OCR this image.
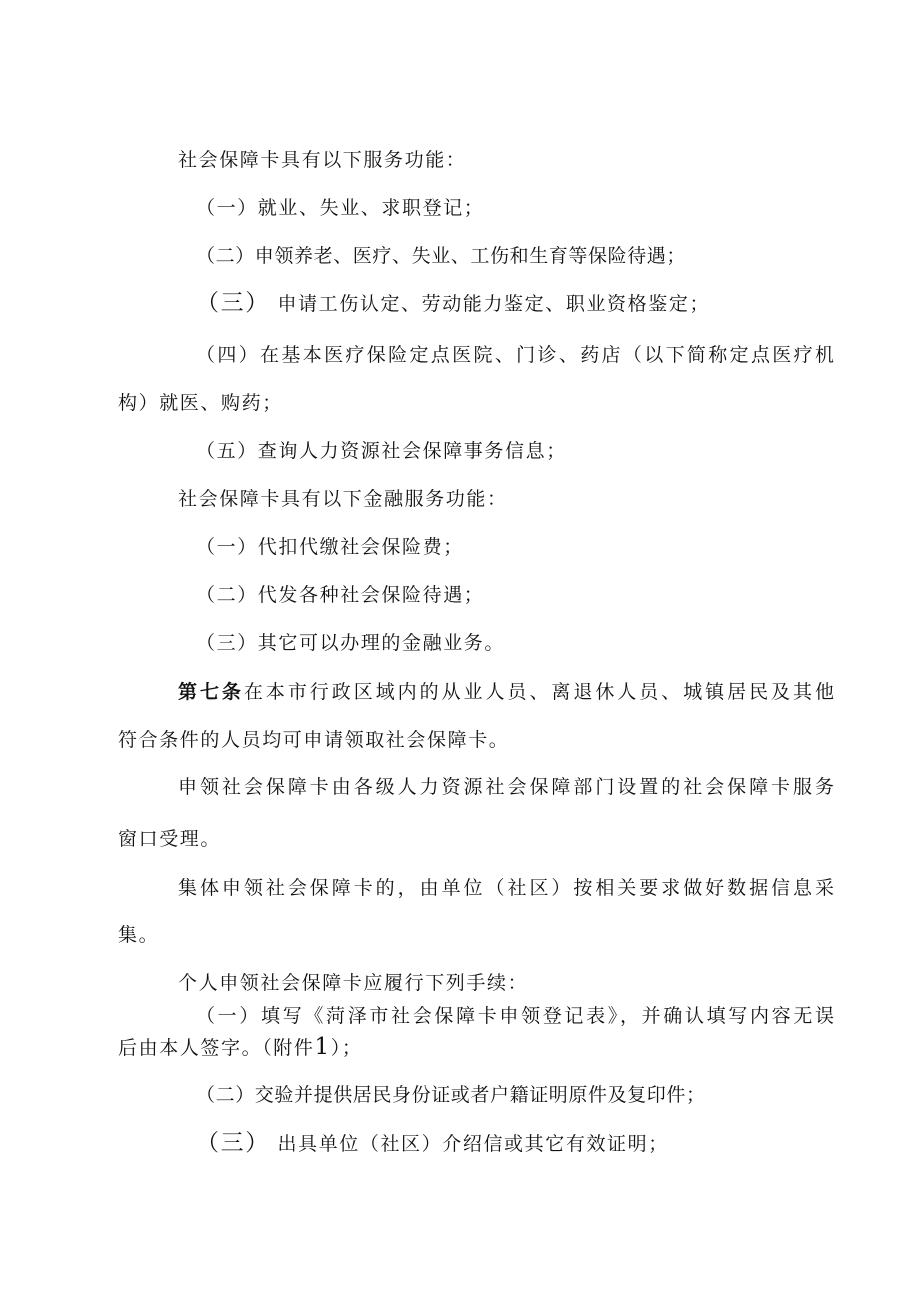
社会保障卡具有以下服务功能：
（一）就业、失业、求职登记；
（二）申领养老、医疗、失业、工伤和生育等保险待遇；
（三） 申请工伤认定、劳动能力鉴定、职业资格鉴定；
（四）在基本医疗保险定点医院、门诊、药店（以下简称定点医疗机
构）就医、购药；
（五）查询人力资源社会保障事务信息；
社会保障卡具有以下金融服务功能：
（一）代扣代缴社会保险费；
（二）代发各种社会保险待遇；
（三）其它可以办理的金融业务。
第七条在本市行政区域内的从业人员、离退休人员、城镇居民及其他
符合条件的人员均可申请领取社会保障卡。
申领社会保障卡由各级人力资源社会保障部门设置的社会保障卡服务
窗口受理。
集体申领社会保障卡的，由单位（社区）按相关要求做好数据信息采
集。
个人申领社会保障卡应履行下列手续：
（一）填写《菏泽市社会保障卡申领登记表》，并确认填写内容无误
后由本人签字。（附件1）；
（二）交验并提供居民身份证或者户籍证明原件及复印件；
（三） 出具单位（社区）介绍信或其它有效证明；
